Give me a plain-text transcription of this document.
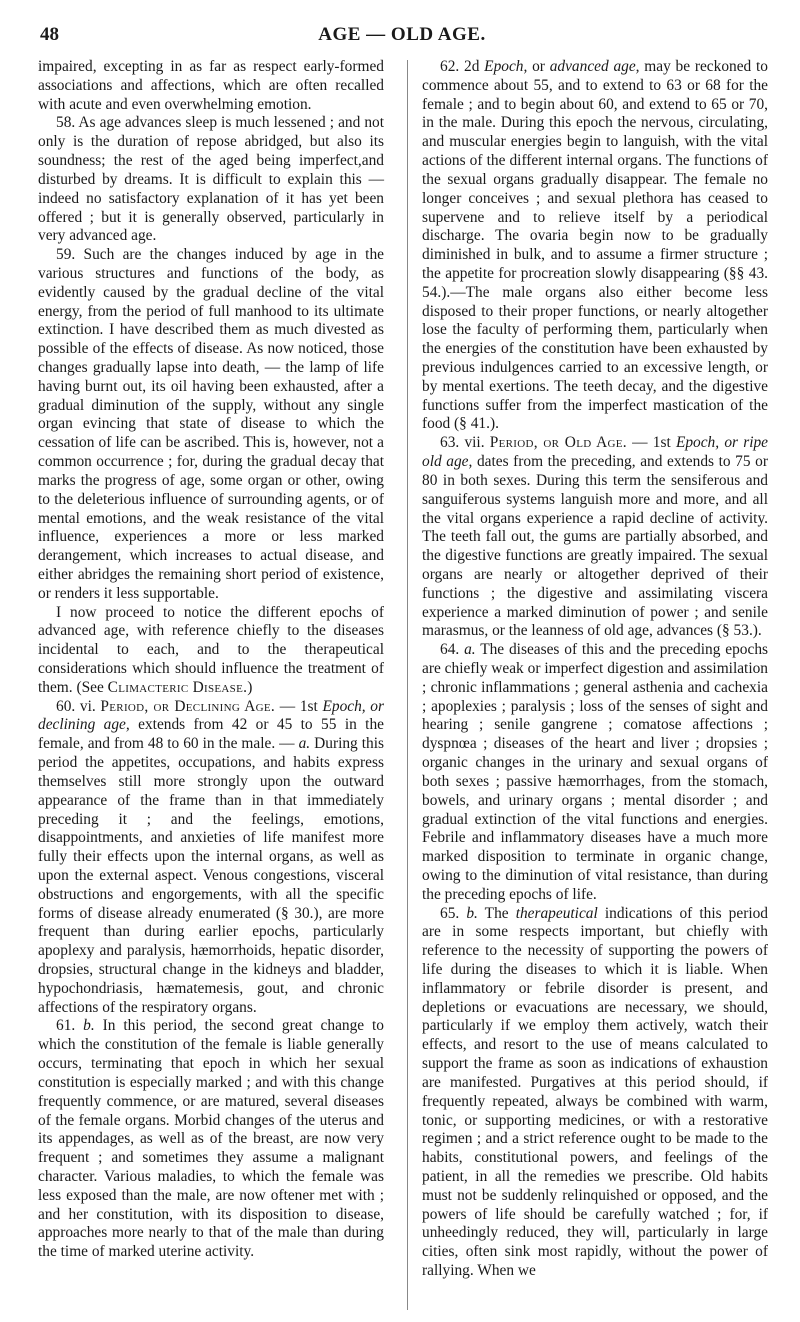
48	AGE — OLD AGE.

impaired, excepting in as far as respect early-formed associations and affections, which are often recalled with acute and even overwhelming emotion.

58. As age advances sleep is much lessened ; and not only is the duration of repose abridged, but also its soundness; the rest of the aged being imperfect,and disturbed by dreams. It is difficult to explain this — indeed no satisfactory explanation of it has yet been offered ; but it is generally observed, particularly in very advanced age.

59. Such are the changes induced by age in the various structures and functions of the body, as evidently caused by the gradual decline of the vital energy, from the period of full manhood to its ultimate extinction. I have described them as much divested as possible of the effects of disease. As now noticed, those changes gradually lapse into death, — the lamp of life having burnt out, its oil having been exhausted, after a gradual diminution of the supply, without any single organ evincing that state of disease to which the cessation of life can be ascribed. This is, however, not a common occurrence ; for, during the gradual decay that marks the progress of age, some organ or other, owing to the deleterious influence of surrounding agents, or of mental emotions, and the weak resistance of the vital influence, experiences a more or less marked derangement, which increases to actual disease, and either abridges the remaining short period of existence, or renders it less supportable.

I now proceed to notice the different epochs of advanced age, with reference chiefly to the diseases incidental to each, and to the therapeutical considerations which should influence the treatment of them. (See Climacteric Disease.)

60. vi. Period, or Declining Age. — 1st Epoch, or declining age, extends from 42 or 45 to 55 in the female, and from 48 to 60 in the male. — a. During this period the appetites, occupations, and habits express themselves still more strongly upon the outward appearance of the frame than in that immediately preceding it ; and the feelings, emotions, disappointments, and anxieties of life manifest more fully their effects upon the internal organs, as well as upon the external aspect. Venous congestions, visceral obstructions and engorgements, with all the specific forms of disease already enumerated (§ 30.), are more frequent than during earlier epochs, particularly apoplexy and paralysis, hæmorrhoids, hepatic disorder, dropsies, structural change in the kidneys and bladder, hypochondriasis, hæmatemesis, gout, and chronic affections of the respiratory organs.

61. b. In this period, the second great change to which the constitution of the female is liable generally occurs, terminating that epoch in which her sexual constitution is especially marked ; and with this change frequently commence, or are matured, several diseases of the female organs. Morbid changes of the uterus and its appendages, as well as of the breast, are now very frequent ; and sometimes they assume a malignant character. Various maladies, to which the female was less exposed than the male, are now oftener met with ; and her constitution, with its disposition to disease, approaches more nearly to that of the male than during the time of marked uterine activity.

62. 2d Epoch, or advanced age, may be reckoned to commence about 55, and to extend to 63 or 68 for the female ; and to begin about 60, and extend to 65 or 70, in the male. During this epoch the nervous, circulating, and muscular energies begin to languish, with the vital actions of the different internal organs. The functions of the sexual organs gradually disappear. The female no longer conceives ; and sexual plethora has ceased to supervene and to relieve itself by a periodical discharge. The ovaria begin now to be gradually diminished in bulk, and to assume a firmer structure ; the appetite for procreation slowly disappearing (§§ 43. 54.).—The male organs also either become less disposed to their proper functions, or nearly altogether lose the faculty of performing them, particularly when the energies of the constitution have been exhausted by previous indulgences carried to an excessive length, or by mental exertions. The teeth decay, and the digestive functions suffer from the imperfect mastication of the food (§ 41.).

63. vii. Period, or Old Age. — 1st Epoch, or ripe old age, dates from the preceding, and extends to 75 or 80 in both sexes. During this term the sensiferous and sanguiferous systems languish more and more, and all the vital organs experience a rapid decline of activity. The teeth fall out, the gums are partially absorbed, and the digestive functions are greatly impaired. The sexual organs are nearly or altogether deprived of their functions ; the digestive and assimilating viscera experience a marked diminution of power ; and senile marasmus, or the leanness of old age, advances (§ 53.).

64. a. The diseases of this and the preceding epochs are chiefly weak or imperfect digestion and assimilation ; chronic inflammations ; general asthenia and cachexia ; apoplexies ; paralysis ; loss of the senses of sight and hearing ; senile gangrene ; comatose affections ; dyspnœa ; diseases of the heart and liver ; dropsies ; organic changes in the urinary and sexual organs of both sexes ; passive hæmorrhages, from the stomach, bowels, and urinary organs ; mental disorder ; and gradual extinction of the vital functions and energies. Febrile and inflammatory diseases have a much more marked disposition to terminate in organic change, owing to the diminution of vital resistance, than during the preceding epochs of life.

65. b. The therapeutical indications of this period are in some respects important, but chiefly with reference to the necessity of supporting the powers of life during the diseases to which it is liable. When inflammatory or febrile disorder is present, and depletions or evacuations are necessary, we should, particularly if we employ them actively, watch their effects, and resort to the use of means calculated to support the frame as soon as indications of exhaustion are manifested. Purgatives at this period should, if frequently repeated, always be combined with warm, tonic, or supporting medicines, or with a restorative regimen ; and a strict reference ought to be made to the habits, constitutional powers, and feelings of the patient, in all the remedies we prescribe. Old habits must not be suddenly relinquished or opposed, and the powers of life should be carefully watched ; for, if unheedingly reduced, they will, particularly in large cities, often sink most rapidly, without the power of rallying. When we
